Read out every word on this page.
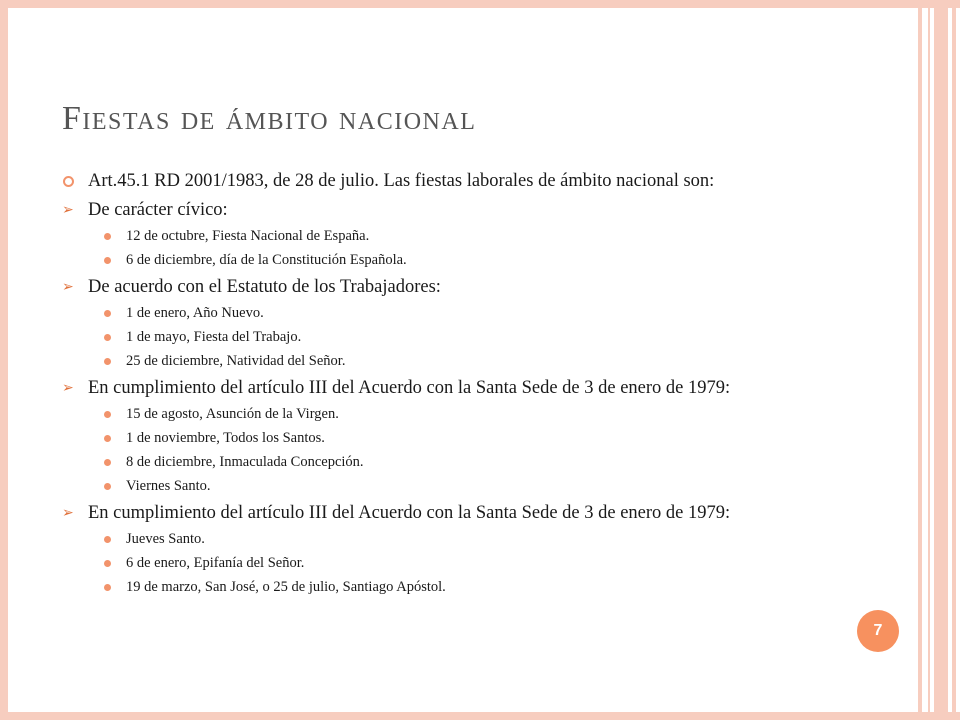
Fiestas de ámbito nacional
Art.45.1 RD 2001/1983, de 28 de julio. Las fiestas laborales de ámbito nacional son:
➢ De carácter cívico:
12 de octubre, Fiesta Nacional de España.
6 de diciembre, día de la Constitución Española.
➢ De acuerdo con el Estatuto de los Trabajadores:
1 de enero, Año Nuevo.
1 de mayo, Fiesta del Trabajo.
25 de diciembre, Natividad del Señor.
➢ En cumplimiento del artículo III del Acuerdo con la Santa Sede de 3 de enero de 1979:
15 de agosto, Asunción de la Virgen.
1 de noviembre, Todos los Santos.
8 de diciembre, Inmaculada Concepción.
Viernes Santo.
➢ En cumplimiento del artículo III del Acuerdo con la Santa Sede de 3 de enero de 1979:
Jueves Santo.
6 de enero, Epifanía del Señor.
19 de marzo, San José, o 25 de julio, Santiago Apóstol.
7
